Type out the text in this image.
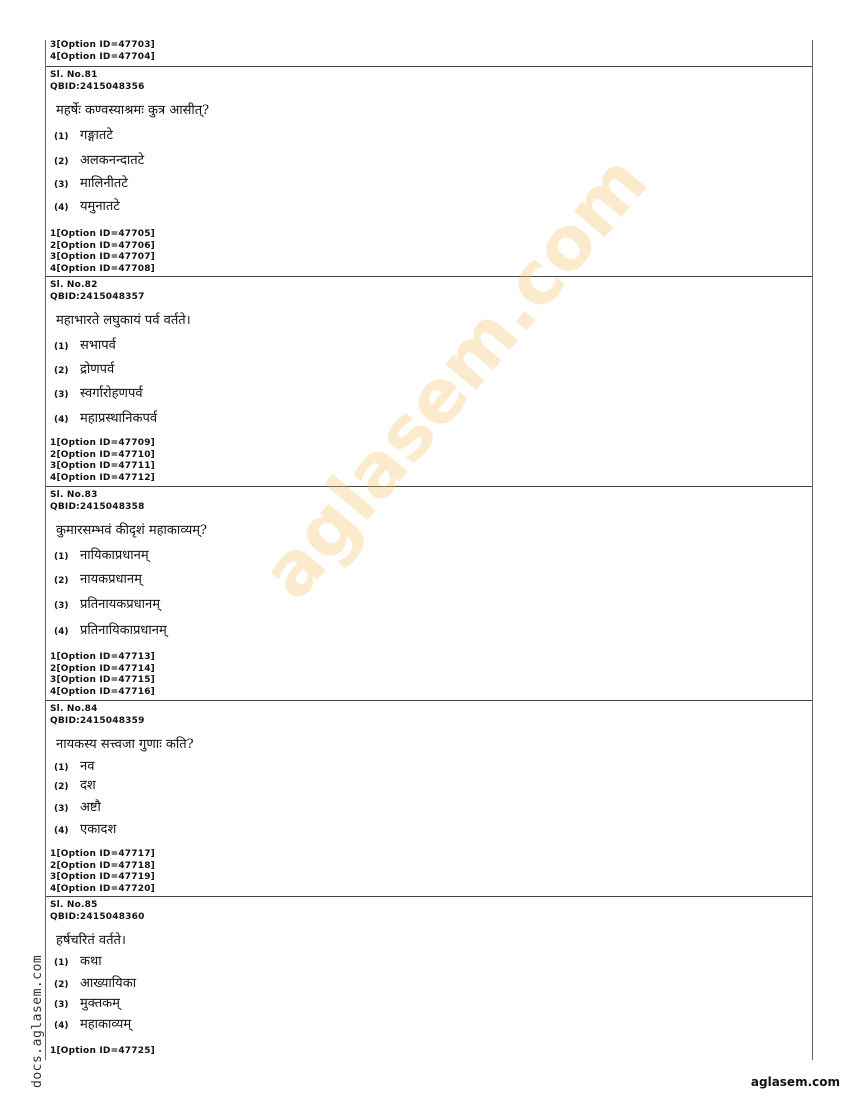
3[Option ID=47703]
4[Option ID=47704]
Sl. No.81
QBID:2415048356
महर्षेः कण्वस्याश्रमः कुत्र आसीत्?
(1) गङ्गातटे
(2) अलकनन्दातटे
(3) मालिनीतटे
(4) यमुनातटे
1[Option ID=47705]
2[Option ID=47706]
3[Option ID=47707]
4[Option ID=47708]
Sl. No.82
QBID:2415048357
महाभारते लघुकायं पर्व वर्तते।
(1) सभापर्व
(2) द्रोणपर्व
(3) स्वर्गारोहणपर्व
(4) महाप्रस्थानिकपर्व
1[Option ID=47709]
2[Option ID=47710]
3[Option ID=47711]
4[Option ID=47712]
Sl. No.83
QBID:2415048358
कुमारसम्भवं कीदृशं महाकाव्यम्?
(1) नायिकाप्रधानम्
(2) नायकप्रधानम्
(3) प्रतिनायकप्रधानम्
(4) प्रतिनायिकाप्रधानम्
1[Option ID=47713]
2[Option ID=47714]
3[Option ID=47715]
4[Option ID=47716]
Sl. No.84
QBID:2415048359
नायकस्य सत्त्वजा गुणाः कति?
(1) नव
(2) दश
(3) अष्टौ
(4) एकादश
1[Option ID=47717]
2[Option ID=47718]
3[Option ID=47719]
4[Option ID=47720]
Sl. No.85
QBID:2415048360
हर्षचरितं वर्तते।
(1) कथा
(2) आख्यायिका
(3) मुक्तकम्
(4) महाकाव्यम्
1[Option ID=47725]
aglasem.com
docs.aglasem.com	aglasem.com
